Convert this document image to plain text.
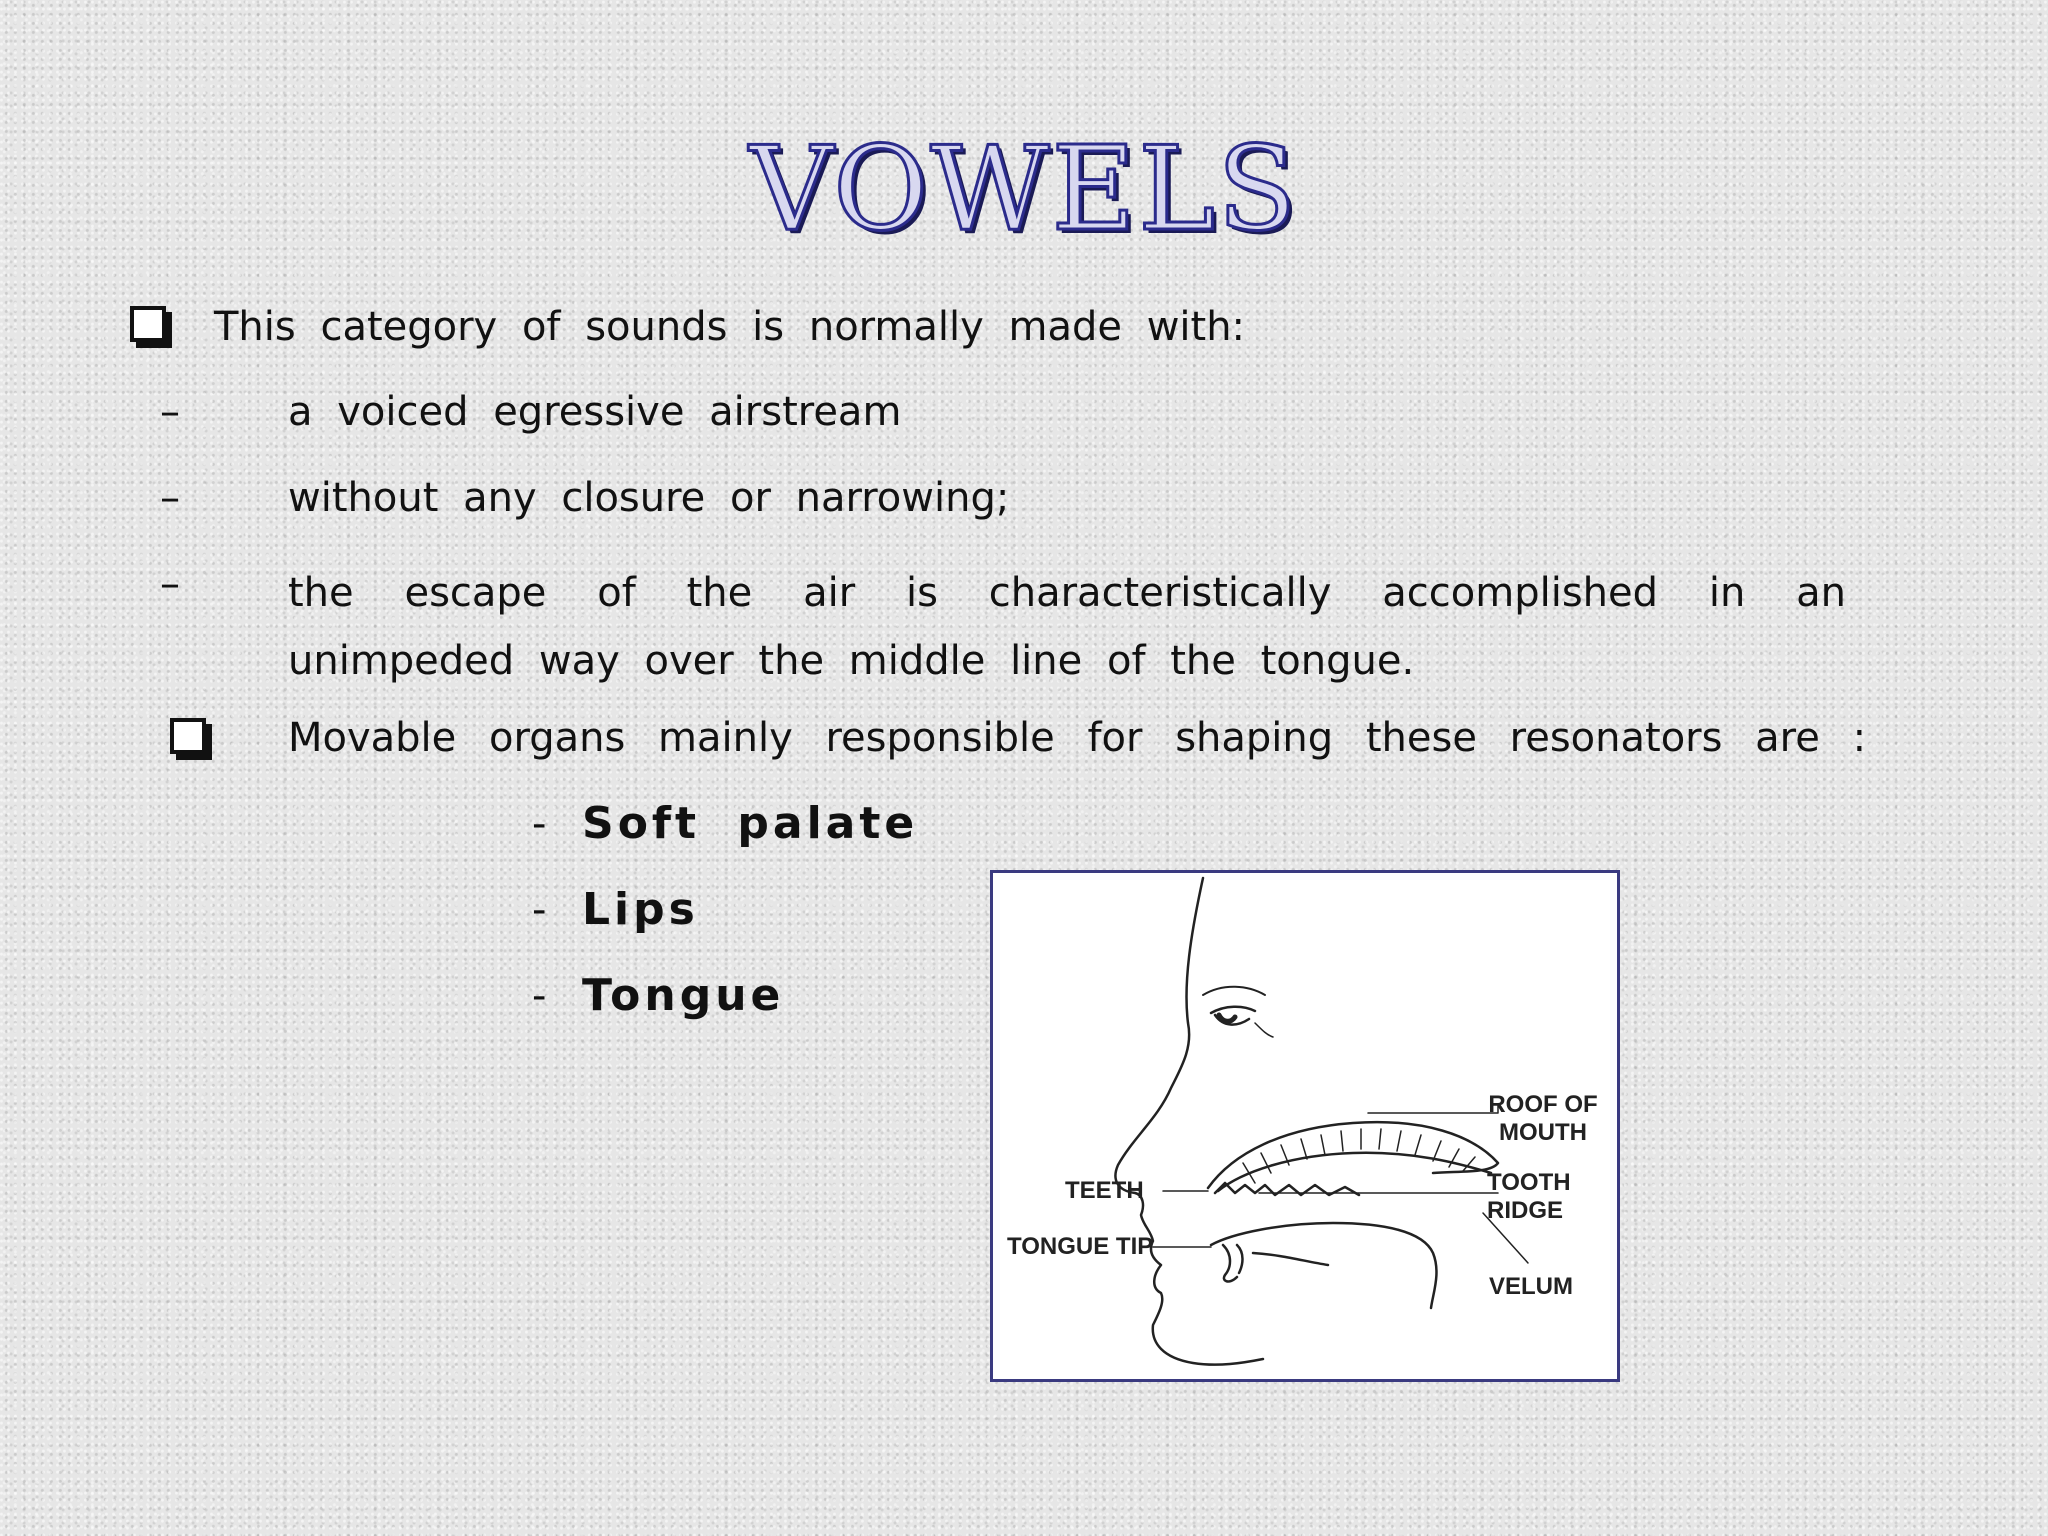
VOWELS
This category of sounds is normally made with:
–	a voiced egressive airstream
–	without any closure or narrowing;
–	the escape of the air is characteristically accomplished in an unimpeded way over the middle line of the tongue.
Movable organs mainly responsible for shaping these resonators are :
- Soft palate
- Lips
- Tongue
ROOF OF MOUTH
TOOTH RIDGE
TEETH
TONGUE TIP
VELUM
